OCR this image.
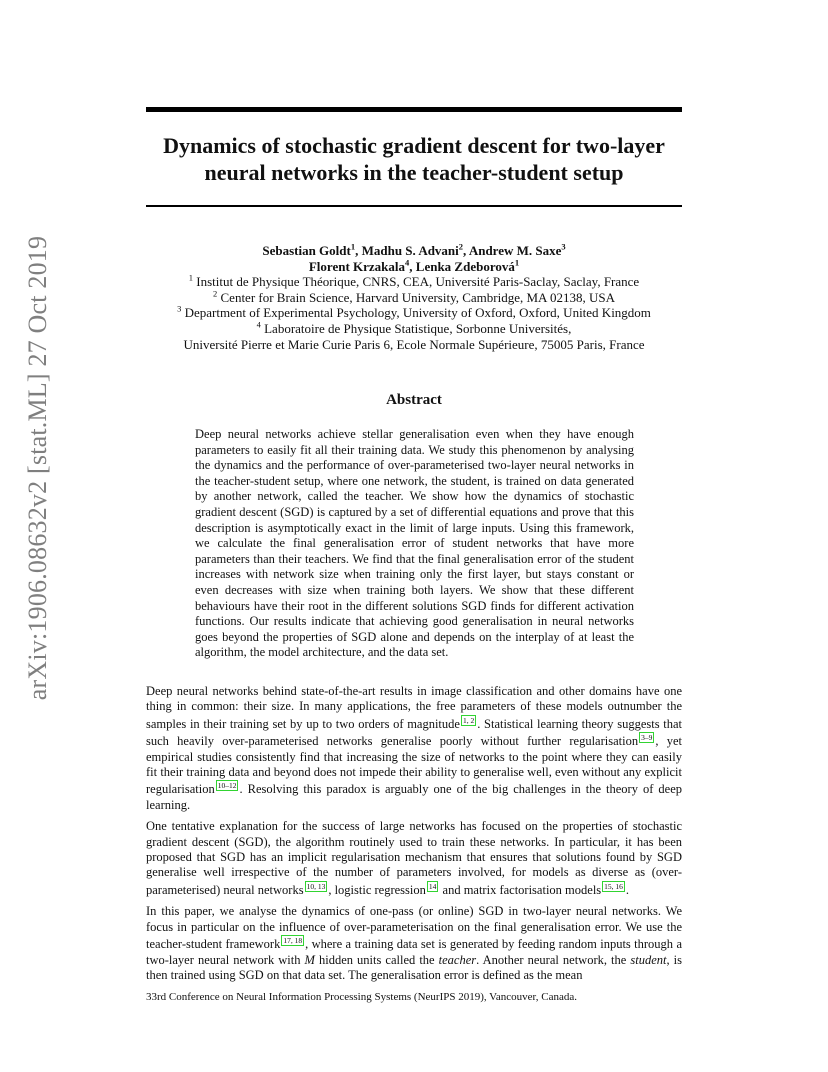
arXiv:1906.08632v2 [stat.ML] 27 Oct 2019
Dynamics of stochastic gradient descent for two-layer
neural networks in the teacher-student setup
Sebastian Goldt$^1$, Madhu S. Advani$^2$, Andrew M. Saxe$^3$
Florent Krzakala$^4$, Lenka Zdeborová$^1$
$^1$ Institut de Physique Théorique, CNRS, CEA, Université Paris-Saclay, Saclay, France
$^2$ Center for Brain Science, Harvard University, Cambridge, MA 02138, USA
$^3$ Department of Experimental Psychology, University of Oxford, Oxford, United Kingdom
$^4$ Laboratoire de Physique Statistique, Sorbonne Universités,
Université Pierre et Marie Curie Paris 6, Ecole Normale Supérieure, 75005 Paris, France
Abstract
Deep neural networks achieve stellar generalisation even when they have enough parameters to easily fit all their training data. We study this phenomenon by analysing the dynamics and the performance of over-parameterised two-layer neural networks in the teacher-student setup, where one network, the student, is trained on data generated by another network, called the teacher. We show how the dynamics of stochastic gradient descent (SGD) is captured by a set of differential equations and prove that this description is asymptotically exact in the limit of large inputs. Using this framework, we calculate the final generalisation error of student networks that have more parameters than their teachers. We find that the final generalisation error of the student increases with network size when training only the first layer, but stays constant or even decreases with size when training both layers. We show that these different behaviours have their root in the different solutions SGD finds for different activation functions. Our results indicate that achieving good generalisation in neural networks goes beyond the properties of SGD alone and depends on the interplay of at least the algorithm, the model architecture, and the data set.

Deep neural networks behind state-of-the-art results in image classification and other domains have one thing in common: their size. In many applications, the free parameters of these models outnumber the samples in their training set by up to two orders of magnitude 1, 2 . Statistical learning theory suggests that such heavily over-parameterised networks generalise poorly without further regularisation 3–9 , yet empirical studies consistently find that increasing the size of networks to the point where they can easily fit their training data and beyond does not impede their ability to generalise well, even without any explicit regularisation 10–12 . Resolving this paradox is arguably one of the big challenges in the theory of deep learning.

One tentative explanation for the success of large networks has focused on the properties of stochastic gradient descent (SGD), the algorithm routinely used to train these networks. In particular, it has been proposed that SGD has an implicit regularisation mechanism that ensures that solutions found by SGD generalise well irrespective of the number of parameters involved, for models as diverse as (over-parameterised) neural networks 10, 13 , logistic regression 14 and matrix factorisation models 15, 16 .

In this paper, we analyse the dynamics of one-pass (or online) SGD in two-layer neural networks. We focus in particular on the influence of over-parameterisation on the final generalisation error. We use the teacher-student framework 17, 18 , where a training data set is generated by feeding random inputs through a two-layer neural network with M hidden units called the teacher. Another neural network, the student, is then trained using SGD on that data set. The generalisation error is defined as the mean

33rd Conference on Neural Information Processing Systems (NeurIPS 2019), Vancouver, Canada.
